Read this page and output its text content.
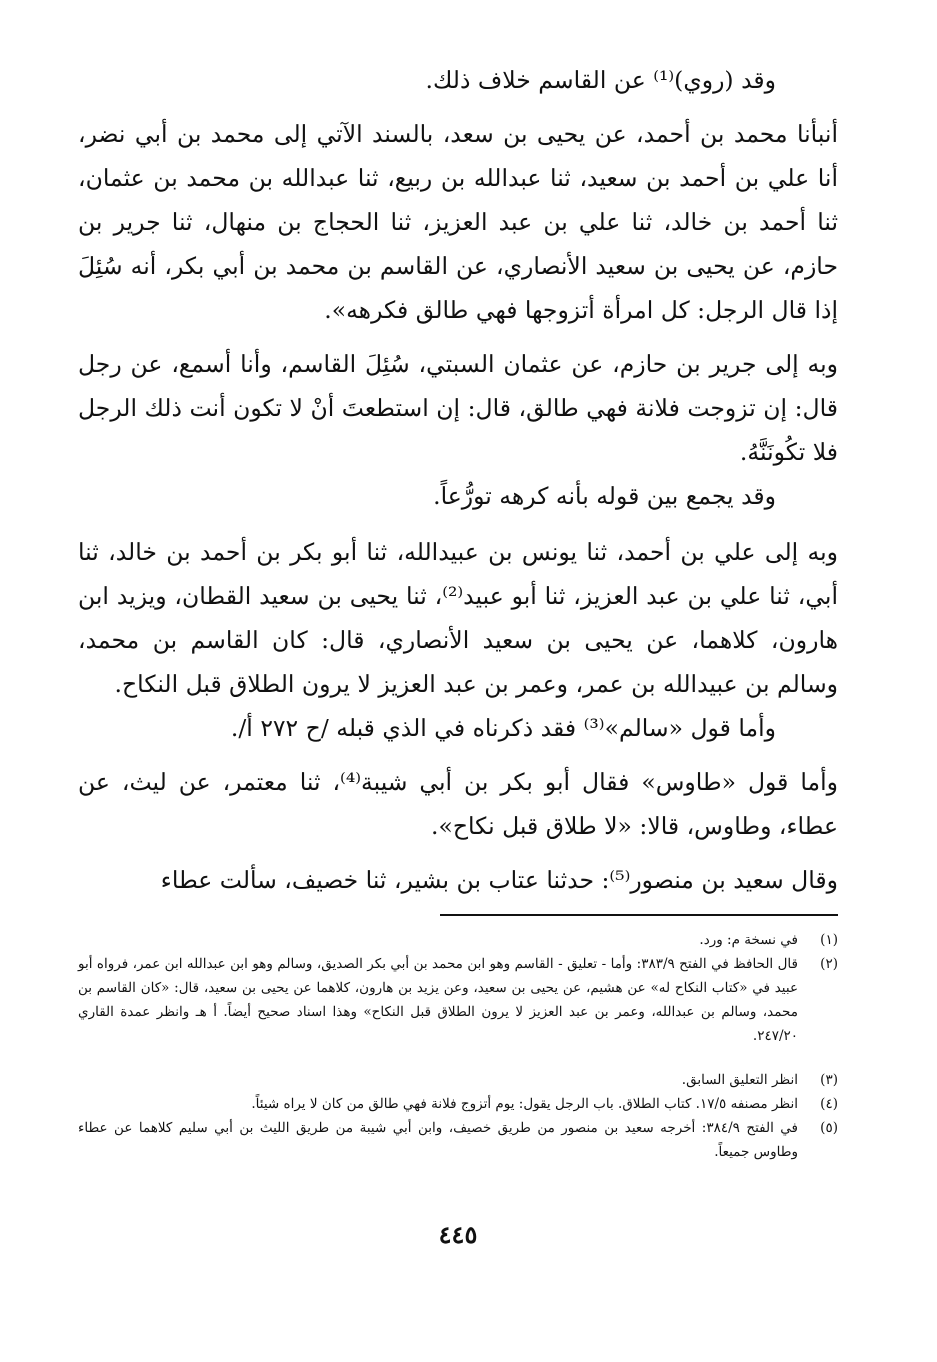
وقد (روي)⁽¹⁾ عن القاسم خلاف ذلك.

أنبأنا محمد بن أحمد، عن يحيى بن سعد، بالسند الآتي إلى محمد بن أبي نضر، أنا علي بن أحمد بن سعيد، ثنا عبدالله بن ربيع، ثنا عبدالله بن محمد بن عثمان، ثنا أحمد بن خالد، ثنا علي بن عبد العزيز، ثنا الحجاج بن منهال، ثنا جرير بن حازم، عن يحيى بن سعيد الأنصاري، عن القاسم بن محمد بن أبي بكر، أنه سُئِلَ إذا قال الرجل: كل امرأة أتزوجها فهي طالق فكرهه».

وبه إلى جرير بن حازم، عن عثمان السبتي، سُئِلَ القاسم، وأنا أسمع، عن رجل قال: إن تزوجت فلانة فهي طالق، قال: إن استطعتَ أنْ لا تكون أنت ذلك الرجل فلا تكُونَنَّهُ.

وقد يجمع بين قوله بأنه كرهه تورُّعاً.

وبه إلى علي بن أحمد، ثنا يونس بن عبيدالله، ثنا أبو بكر بن أحمد بن خالد، ثنا أبي، ثنا علي بن عبد العزيز، ثنا أبو عبيد⁽²⁾، ثنا يحيى بن سعيد القطان، ويزيد ابن هارون، كلاهما، عن يحيى بن سعيد الأنصاري، قال: كان القاسم بن محمد، وسالم بن عبيدالله بن عمر، وعمر بن عبد العزيز لا يرون الطلاق قبل النكاح.

وأما قول «سالم»⁽³⁾ فقد ذكرناه في الذي قبله /ح ٢٧٢ أ/.

وأما قول «طاوس» فقال أبو بكر بن أبي شيبة⁽⁴⁾، ثنا معتمر، عن ليث، عن عطاء، وطاوس، قالا: «لا طلاق قبل نكاح».

وقال سعيد بن منصور⁽⁵⁾: حدثنا عتاب بن بشير، ثنا خصيف، سألت عطاء

(١)
في نسخة م: ورد.
(٢)
قال الحافظ في الفتح ٣٨٣/٩: وأما - تعليق - القاسم وهو ابن محمد بن أبي بكر الصديق، وسالم وهو ابن عبدالله ابن عمر، فرواه أبو عبيد في «كتاب النكاح له» عن هشيم، عن يحيى بن سعيد، وعن يزيد بن هارون، كلاهما عن يحيى بن سعيد، قال: «كان القاسم بن محمد، وسالم بن عبدالله، وعمر بن عبد العزيز لا يرون الطلاق قبل النكاح» وهذا اسناد صحيح أيضاً. أ هـ وانظر عمدة القاري ٢٤٧/٢٠.
(٣)
انظر التعليق السابق.
(٤)
انظر مصنفه ١٧/٥. كتاب الطلاق. باب الرجل يقول: يوم أتزوج فلانة فهي طالق من كان لا يراه شيئاً.
(٥)
في الفتح ٣٨٤/٩: أخرجه سعيد بن منصور من طريق خصيف، وابن أبي شيبة من طريق الليث بن أبي سليم كلاهما عن عطاء وطاوس جميعاً.
٤٤٥
